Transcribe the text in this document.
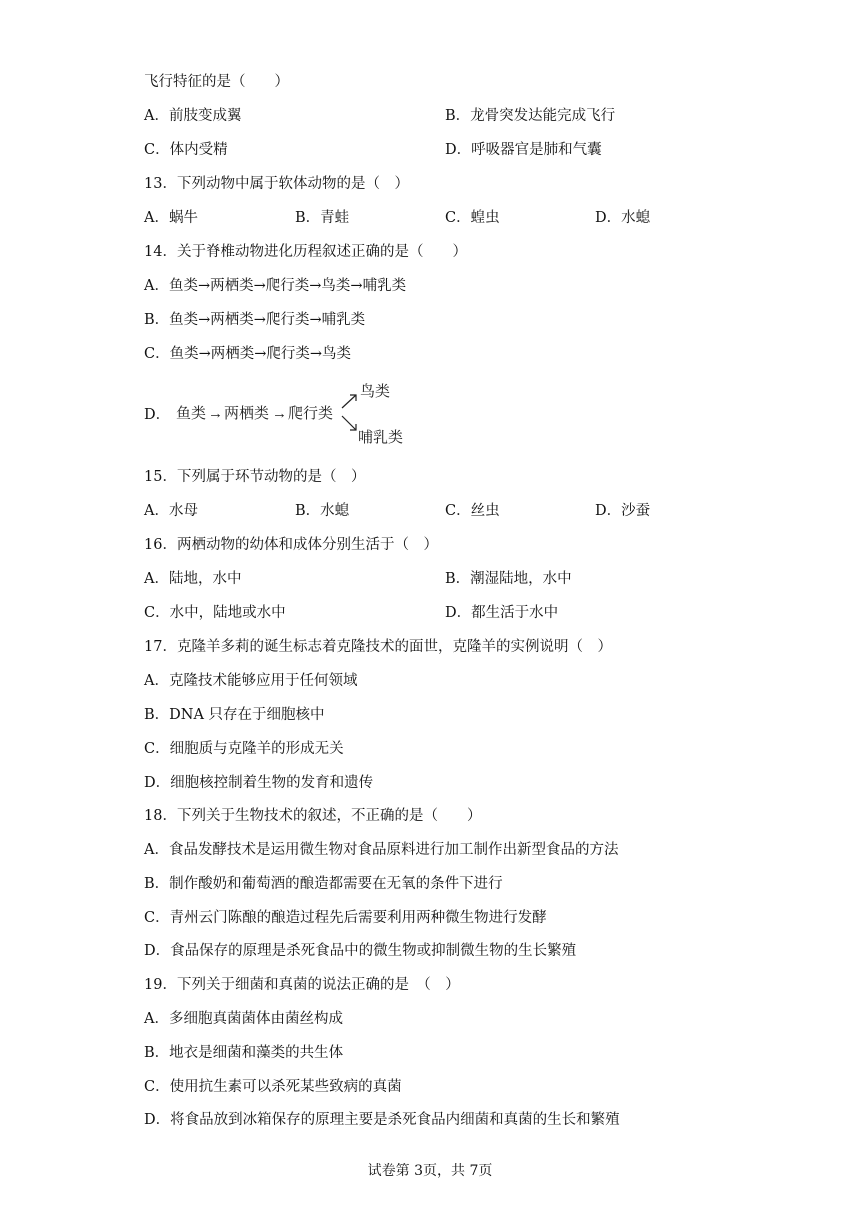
飞行特征的是（　　）
A．前肢变成翼	B．龙骨突发达能完成飞行
C．体内受精	D．呼吸器官是肺和气囊
13．下列动物中属于软体动物的是（　）
A．蜗牛	B．青蛙	C．蝗虫	D．水螅
14．关于脊椎动物进化历程叙述正确的是（　　）
A．鱼类→两栖类→爬行类→鸟类→哺乳类
B．鱼类→两栖类→爬行类→哺乳类
C．鱼类→两栖类→爬行类→鸟类
D． 鱼类 → 两栖类 → 爬行类
鸟类
哺乳类
15．下列属于环节动物的是（　）
A．水母	B．水螅	C．丝虫	D．沙蚕
16．两栖动物的幼体和成体分别生活于（　）
A．陆地，水中	B．潮湿陆地，水中
C．水中，陆地或水中	D．都生活于水中
17．克隆羊多莉的诞生标志着克隆技术的面世，克隆羊的实例说明（　）
A．克隆技术能够应用于任何领域
B．DNA 只存在于细胞核中
C．细胞质与克隆羊的形成无关
D．细胞核控制着生物的发育和遗传
18．下列关于生物技术的叙述，不正确的是（　　）
A．食品发酵技术是运用微生物对食品原料进行加工制作出新型食品的方法
B．制作酸奶和葡萄酒的酿造都需要在无氧的条件下进行
C．青州云门陈酿的酿造过程先后需要利用两种微生物进行发酵
D．食品保存的原理是杀死食品中的微生物或抑制微生物的生长繁殖
19．下列关于细菌和真菌的说法正确的是　（　）
A．多细胞真菌菌体由菌丝构成
B．地衣是细菌和藻类的共生体
C．使用抗生素可以杀死某些致病的真菌
D．将食品放到冰箱保存的原理主要是杀死食品内细菌和真菌的生长和繁殖
试卷第 3页，共 7页
